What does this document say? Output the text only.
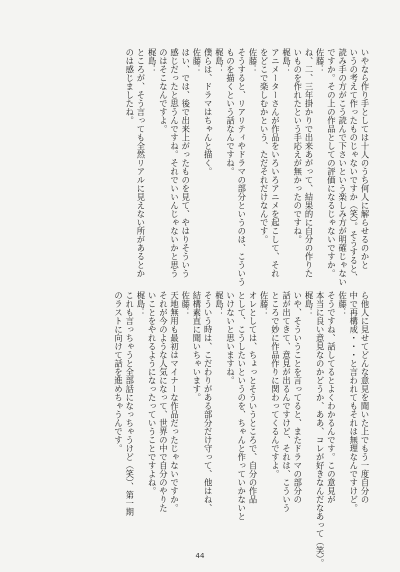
いやなら作り手としては十人のうち何人に解らせるのかと
いうの考えて作ったものじゃないですか（笑）。そうすると、
読み手の方がこう読んで下さいという楽しみ方が明確じゃない
ですか。その上の作品としての評価になるじゃないですか。
佐藤：
ね、二、三年掛かりで出来あがって、結果的に自分の作りた
いものを作れたという手応えが無かったのですね。
梶島：
アニメーターさんが作品をいろいろアニメを起こして、それ
をどこで楽しむかという、ただそれだけなんです。
佐藤：
そうすると、リアリティやドラマの部分というのは、こういう
ものを描くという話なんですね。
梶島：
僕らは、ドラマはちゃんと描く。
佐藤：
はい、では、後で出来上がったものを見て、やはりそういう
感じだったと思うんですね。それでいいんじゃないかと思う
のはそこなんですよ。
梶島：
ところが、そう言っても全然リアルに見えない所があるとか
のは感じましたね。
ら他人に見せてどんな意見を聞いた上でもう一度自分の
中で再構成・・・と言われてもそれは無理なんですけど。
佐藤：
そうですね、話してるとよくわかるんです。この意見が
本当に良い意見なのかどうか、ああ、コレが好きなんだなあって（笑）。
梶島：
いや、そういうことを言ってると、またドラマの部分の
話が出てきて、意見が出るんですけど、それは、こういう
ところで妙に作品作りに関わってくるんですよ。
佐藤：
オレとしては、ちょっとそういうところで、自分の作品
として、こうしたいというのを、ちゃんと作っていかないと
いけないと思いますね。
梶島：
そういう時は、こだわりがある部分だけ守って、他はね、
結構素直に聞いちゃいます。
佐藤：
天地無用も最初はマイナーな作品だったじゃないですか。
それが今のような人気になって、世界の中で自分のやりた
いことをやれるようになったっていうことですよね。
梶島：
これも言っちゃうと全部話になっちゃうけど（笑）、第一期
のラストに向けて話を進めちゃうんです。
44
